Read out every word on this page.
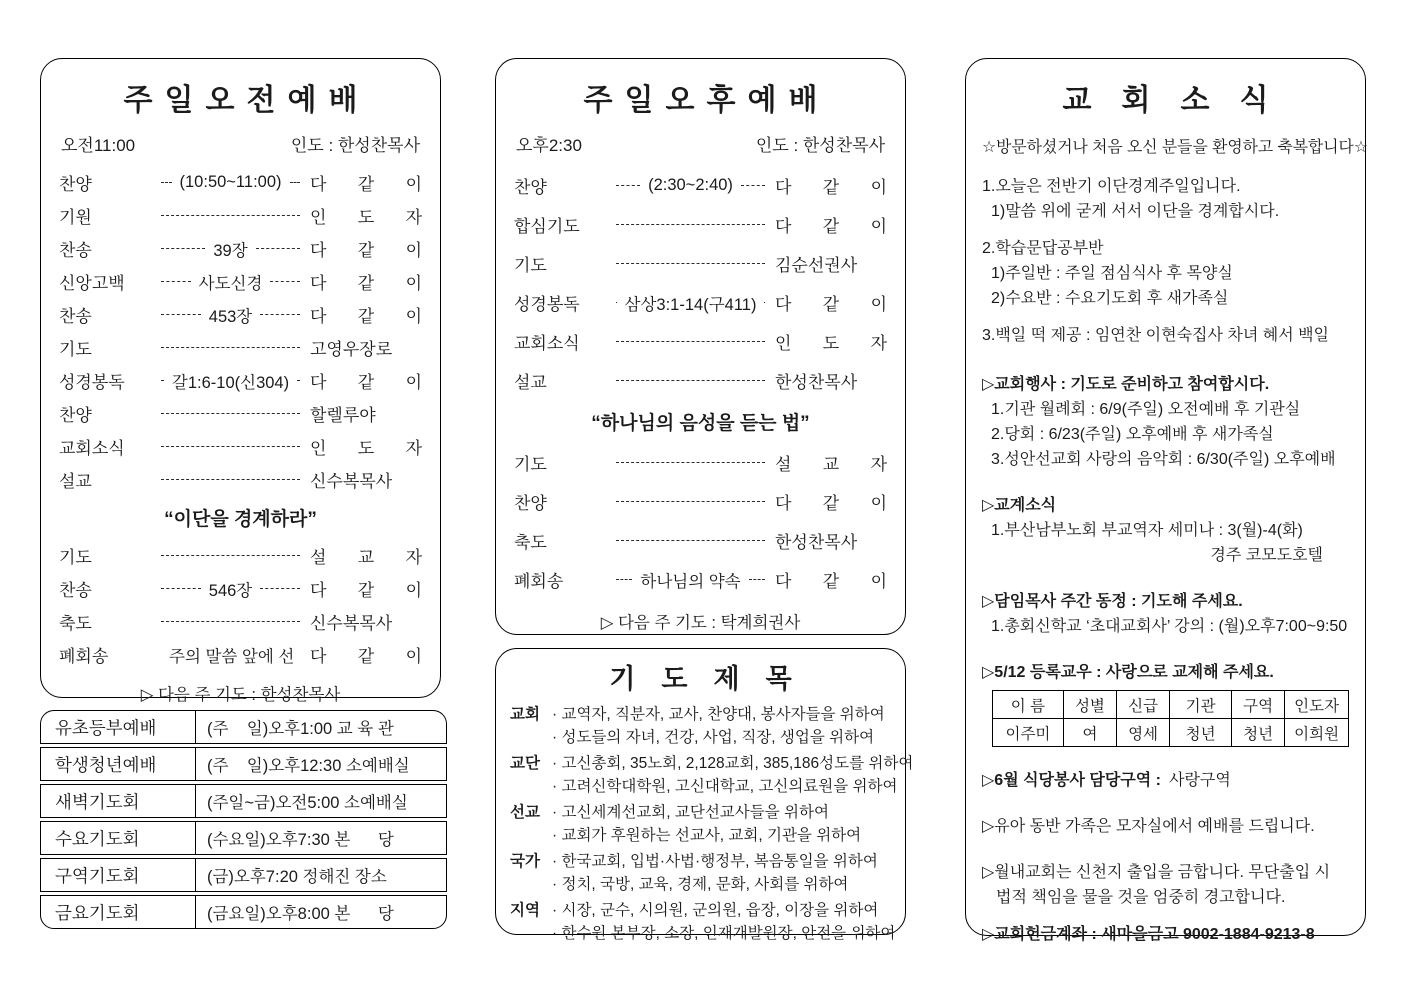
주일오전예배
오전11:00	인도 : 한성찬목사
찬양	(10:50~11:00) 다 같 이
기원	인 도 자
찬송	39장	다 같 이
신앙고백	사도신경	다 같 이
찬송	453장	다 같 이
기도	고영우장로
성경봉독	갈1:6-10(신304) 다 같 이
찬양	할렐루야
교회소식	인 도 자
설교	신수복목사
“이단을 경계하라”
기도	설 교 자
찬송	546장	다 같 이
축도	신수복목사
폐회송	주의 말씀 앞에 선 다 같 이
▷ 다음 주 기도 : 한성찬목사
유초등부예배	(주    일)오후1:00 교 육 관
학생청년예배	(주    일)오후12:30 소예배실
새벽기도회	(주일~금)오전5:00 소예배실
수요기도회	(수요일)오후7:30 본      당
구역기도회	(금)오후7:20 정해진 장소
금요기도회	(금요일)오후8:00 본      당
주일오후예배
오후2:30	인도 : 한성찬목사
찬양	(2:30~2:40) 다 같 이
합심기도	다 같 이
기도	김순선권사
성경봉독	삼상3:1-14(구411) 다 같 이
교회소식	인 도 자
설교	한성찬목사
“하나님의 음성을 듣는 법”
기도	설 교 자
찬양	다 같 이
축도	한성찬목사
폐회송	하나님의 약속 다 같 이
▷ 다음 주 기도 : 탁계희권사
기도제목
교회 · 교역자, 직분자, 교사, 찬양대, 봉사자들을 위하여
· 성도들의 자녀, 건강, 사업, 직장, 생업을 위하여
교단 · 고신총회, 35노회, 2,128교회, 385,186성도를 위하여
· 고려신학대학원, 고신대학교, 고신의료원을 위하여
선교 · 고신세계선교회, 교단선교사들을 위하여
· 교회가 후원하는 선교사, 교회, 기관을 위하여
국가 · 한국교회, 입법·사법·행정부, 복음통일을 위하여
· 정치, 국방, 교육, 경제, 문화, 사회를 위하여
지역 · 시장, 군수, 시의원, 군의원, 읍장, 이장을 위하여
· 한수원 본부장, 소장, 인재개발원장, 안전을 위하여
교회소식
☆방문하셨거나 처음 오신 분들을 환영하고 축복합니다☆
1.오늘은 전반기 이단경계주일입니다.
1)말씀 위에 굳게 서서 이단을 경계합시다.
2.학습문답공부반
1)주일반 : 주일 점심식사 후 목양실
2)수요반 : 수요기도회 후 새가족실
3.백일 떡 제공 : 임연찬 이현숙집사 차녀 혜서 백일
▷교회행사 : 기도로 준비하고 참여합시다.
1.기관 월례회 : 6/9(주일) 오전예배 후 기관실
2.당회 : 6/23(주일) 오후예배 후 새가족실
3.성안선교회 사랑의 음악회 : 6/30(주일) 오후예배
▷교계소식
1.부산남부노회 부교역자 세미나 : 3(월)-4(화)
경주 코모도호텔
▷담임목사 주간 동정 : 기도해 주세요.
1.총회신학교 ‘초대교회사’ 강의 : (월)오후7:00~9:50
▷5/12 등록교우 : 사랑으로 교제해 주세요.
이 름	성별	신급	기관	구역	인도자
이주미	여	영세	청년	청년	이희원
▷6월 식당봉사 담당구역 : 사랑구역
▷유아 동반 가족은 모자실에서 예배를 드립니다.
▷월내교회는 신천지 출입을 금합니다. 무단출입 시
법적 책임을 물을 것을 엄중히 경고합니다.
▷교회헌금계좌 : 새마을금고 9002-1884-9213-8
